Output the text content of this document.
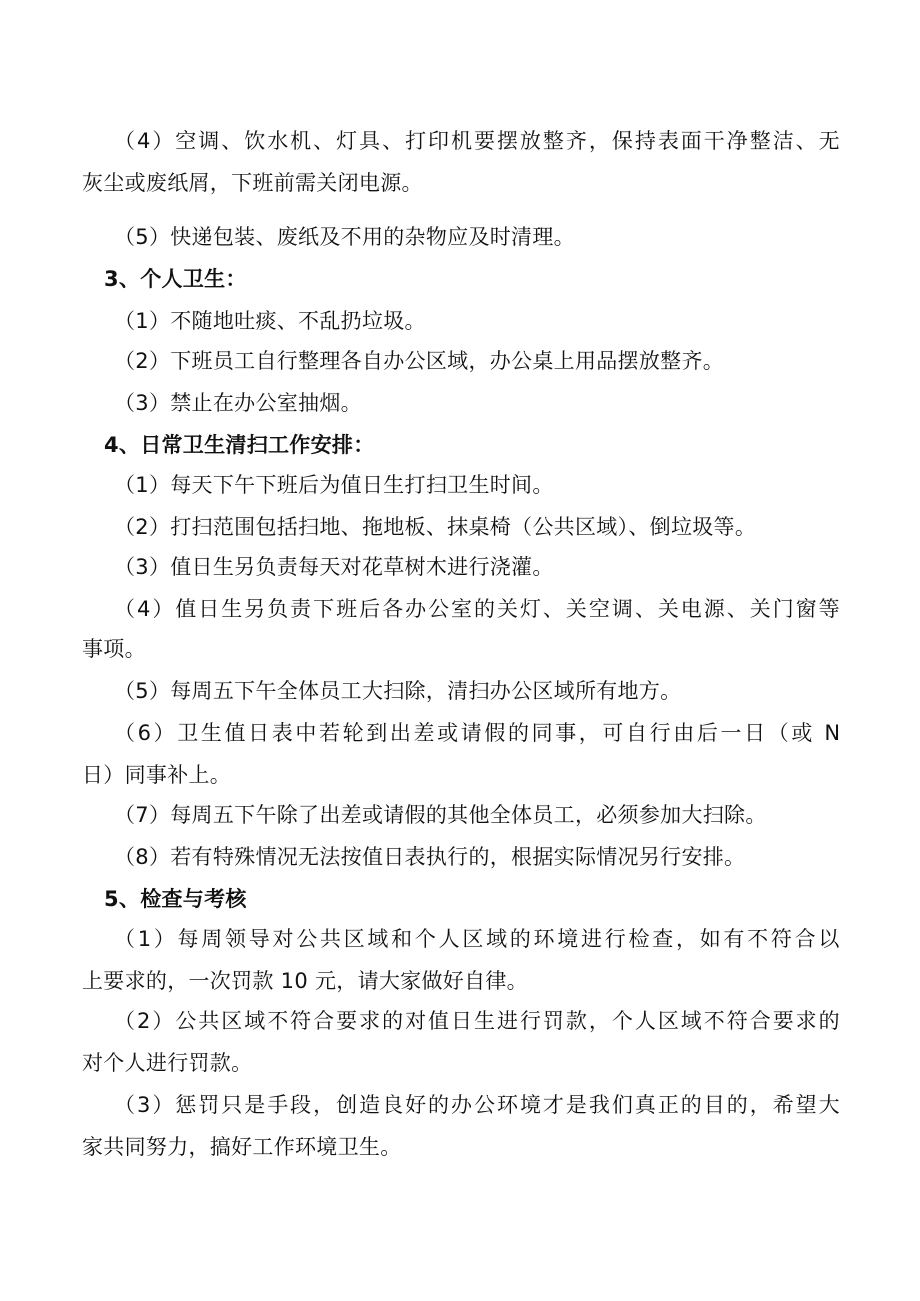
（4）空调、饮水机、灯具、打印机要摆放整齐，保持表面干净整洁、无
灰尘或废纸屑，下班前需关闭电源。
（5）快递包装、废纸及不用的杂物应及时清理。
3、个人卫生：
（1）不随地吐痰、不乱扔垃圾。
（2）下班员工自行整理各自办公区域，办公桌上用品摆放整齐。
（3）禁止在办公室抽烟。
4、日常卫生清扫工作安排：
（1）每天下午下班后为值日生打扫卫生时间。
（2）打扫范围包括扫地、拖地板、抹桌椅（公共区域）、倒垃圾等。
（3）值日生另负责每天对花草树木进行浇灌。
（4）值日生另负责下班后各办公室的关灯、关空调、关电源、关门窗等
事项。
（5）每周五下午全体员工大扫除，清扫办公区域所有地方。
（6）卫生值日表中若轮到出差或请假的同事，可自行由后一日（或 N
日）同事补上。
（7）每周五下午除了出差或请假的其他全体员工，必须参加大扫除。
（8）若有特殊情况无法按值日表执行的，根据实际情况另行安排。
5、检查与考核
（1）每周领导对公共区域和个人区域的环境进行检查，如有不符合以
上要求的，一次罚款 10 元，请大家做好自律。
（2）公共区域不符合要求的对值日生进行罚款，个人区域不符合要求的
对个人进行罚款。
（3）惩罚只是手段，创造良好的办公环境才是我们真正的目的，希望大
家共同努力，搞好工作环境卫生。
